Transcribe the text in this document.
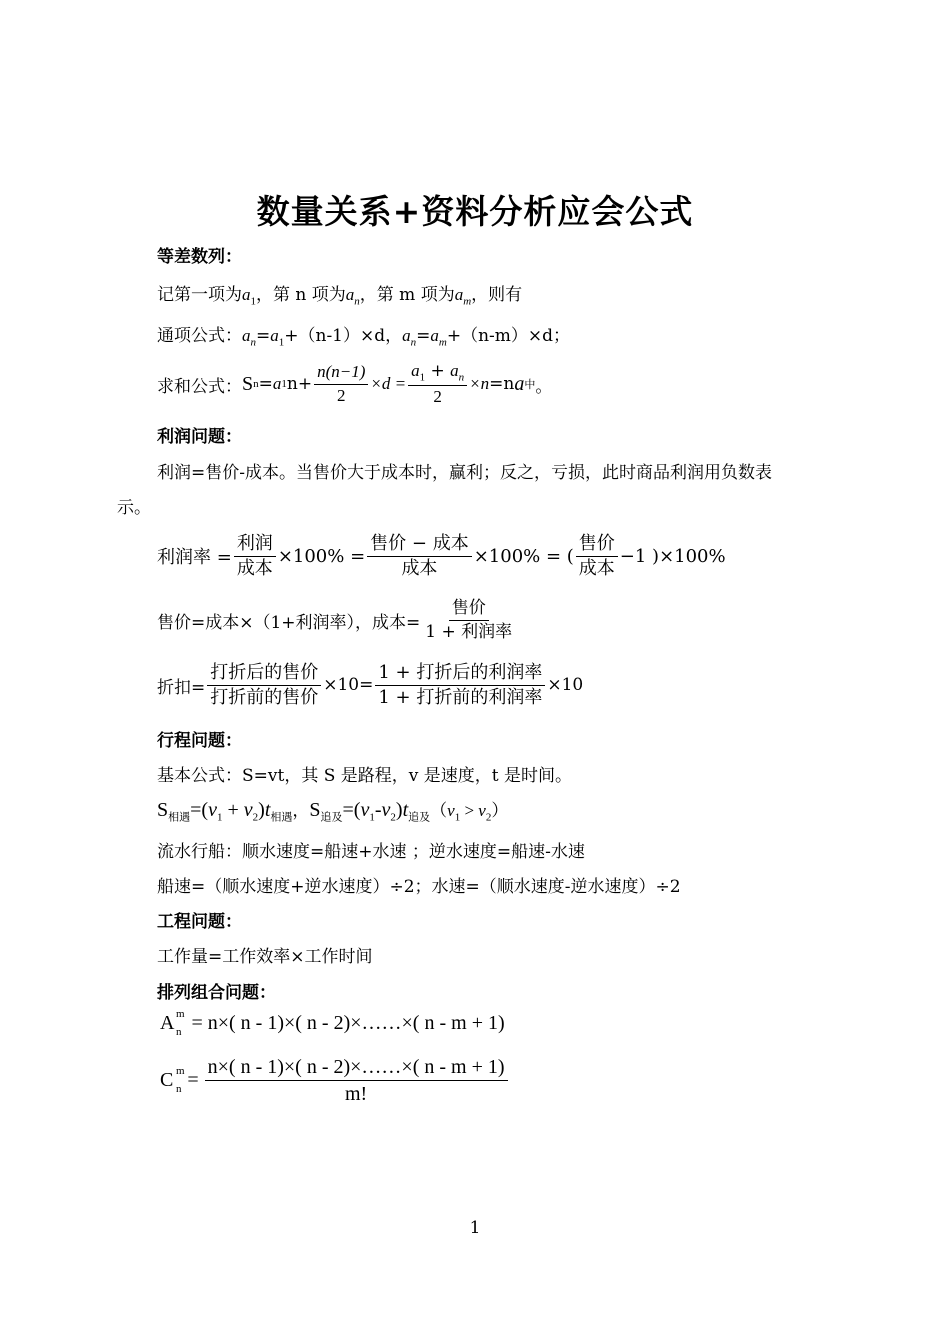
数量关系+资料分析应会公式
等差数列：
记第一项为$a_1$，第 n 项为$a_n$，第 m 项为$a_m$，则有
通项公式：$a_n=a_1+(n-1)\times d$，$a_n=a_m+(n-m)\times d$；
求和公式： S n = a 1 $n+ \frac{n(n-1)}{2} \times d = \frac{a_1 + a_n}{2} \times n =n$ a 中 。
利润问题：
利润=售价-成本。当售价大于成本时，赢利；反之，亏损，此时商品利润用负数表
示。
利润率 = $\frac{\text{利润}}{\text{成本}} \times 100\% = \frac{\text{售价 − 成本}}{\text{成本}} \times 100\%$ = ( $\frac{\text{售价}}{\text{成本}} -1$ )×100%
售价=成本×（1+利润率），成本= $\frac{\text{售价}}{\text{1 + 利润率}}$
折扣= $\frac{\text{打折后的售价}}{\text{打折前的售价}} \times 10= \frac{\text{1 + 打折后的利润率}}{\text{1 + 打折前的利润率}} \times 10$
行程问题：
基本公式：S=vt，其 S 是路程，v 是速度，t 是时间。
$S_{相遇}=(v_1 + v_2)t_{相遇}$，$S_{追及}=(v_1-v_2)t_{追及}(v_1 > v_2)$
流水行船：顺水速度=船速+水速 ；逆水速度=船速-水速
船速=（顺水速度+逆水速度）÷2；水速=（顺水速度-逆水速度）÷2
工程问题：
工作量=工作效率×工作时间
排列组合问题：
A m
n = n×( n - 1)×( n - 2)×……×( n - m + 1)
C m
$n = \frac{n\times( n - 1)\times( n - 2)\times\dots\dots\times( n - m + 1)}{m!}$
1
